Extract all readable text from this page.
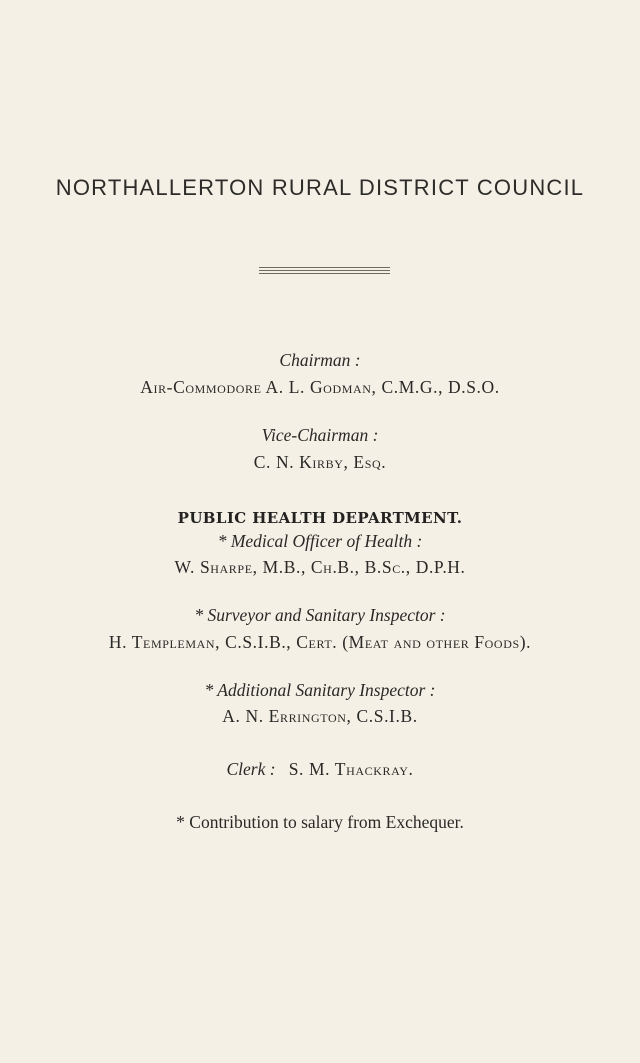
NORTHALLERTON RURAL DISTRICT COUNCIL
Chairman :
Air-Commodore A. L. Godman, C.M.G., D.S.O.
Vice-Chairman :
C. N. Kirby, Esq.
PUBLIC HEALTH DEPARTMENT.
* Medical Officer of Health :
W. Sharpe, M.B., Ch.B., B.Sc., D.P.H.
* Surveyor and Sanitary Inspector :
H. Templeman, C.S.I.B., Cert. (Meat and other Foods).
* Additional Sanitary Inspector :
A. N. Errington, C.S.I.B.
Clerk : S. M. Thackray.
* Contribution to salary from Exchequer.
